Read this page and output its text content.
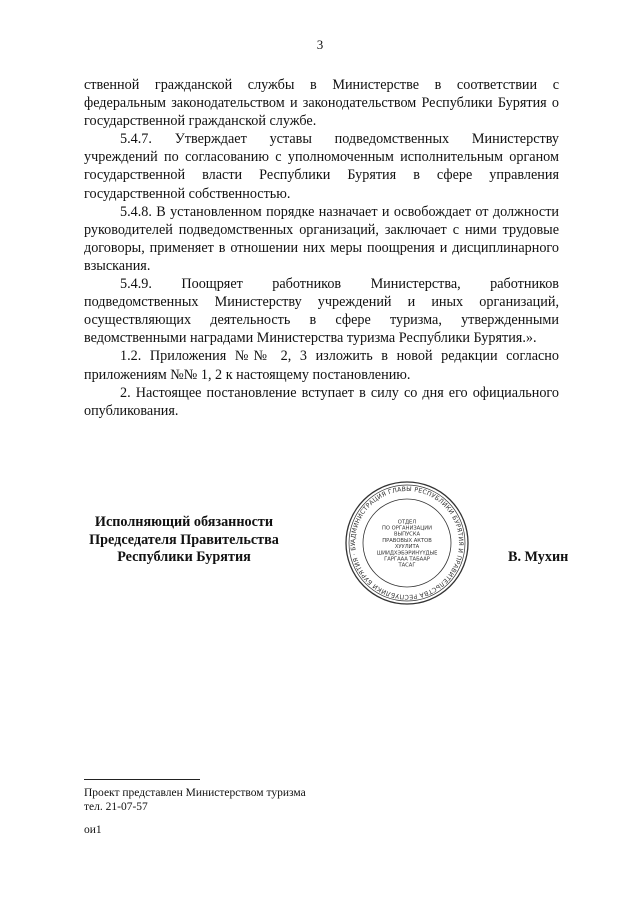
3

ственной гражданской службы в Министерстве в соответствии с федеральным законодательством и законодательством Республики Бурятия о государственной гражданской службе.

5.4.7. Утверждает уставы подведомственных Министерству учреждений по согласованию с уполномоченным исполнительным органом государственной власти Республики Бурятия в сфере управления государственной собственностью.

5.4.8. В установленном порядке назначает и освобождает от должности руководителей подведомственных организаций, заключает с ними трудовые договоры, применяет в отношении них меры поощрения и дисциплинарного взыскания.

5.4.9. Поощряет работников Министерства, работников подведомственных Министерству учреждений и иных организаций, осуществляющих деятельность в сфере туризма, утвержденными ведомственными наградами Министерства туризма Республики Бурятия.».

1.2. Приложения №№ 2, 3 изложить в новой редакции согласно приложениям №№ 1, 2 к настоящему постановлению.

2. Настоящее постановление вступает в силу со дня его официального опубликования.

Исполняющий обязанности
Председателя Правительства
Республики Бурятия
АДМИНИСТРАЦИЯ ГЛАВЫ РЕСПУБЛИКИ БУРЯТИЯ И ПРАВИТЕЛЬСТВА РЕСПУБЛИКИ БУРЯТИЯ · БУ
ОТДЕЛ
ПО ОРГАНИЗАЦИИ
ВЫПУСКА
ПРАВОВЫХ АКТОВ
ХУУЛИТА
ШИИДХЭБЭРИНҮҮДЫЕ
ГАРГААА ТАБААР
ТАСАГ
В. Мухин
Проект представлен Министерством туризма
тел. 21-07-57
ои1
